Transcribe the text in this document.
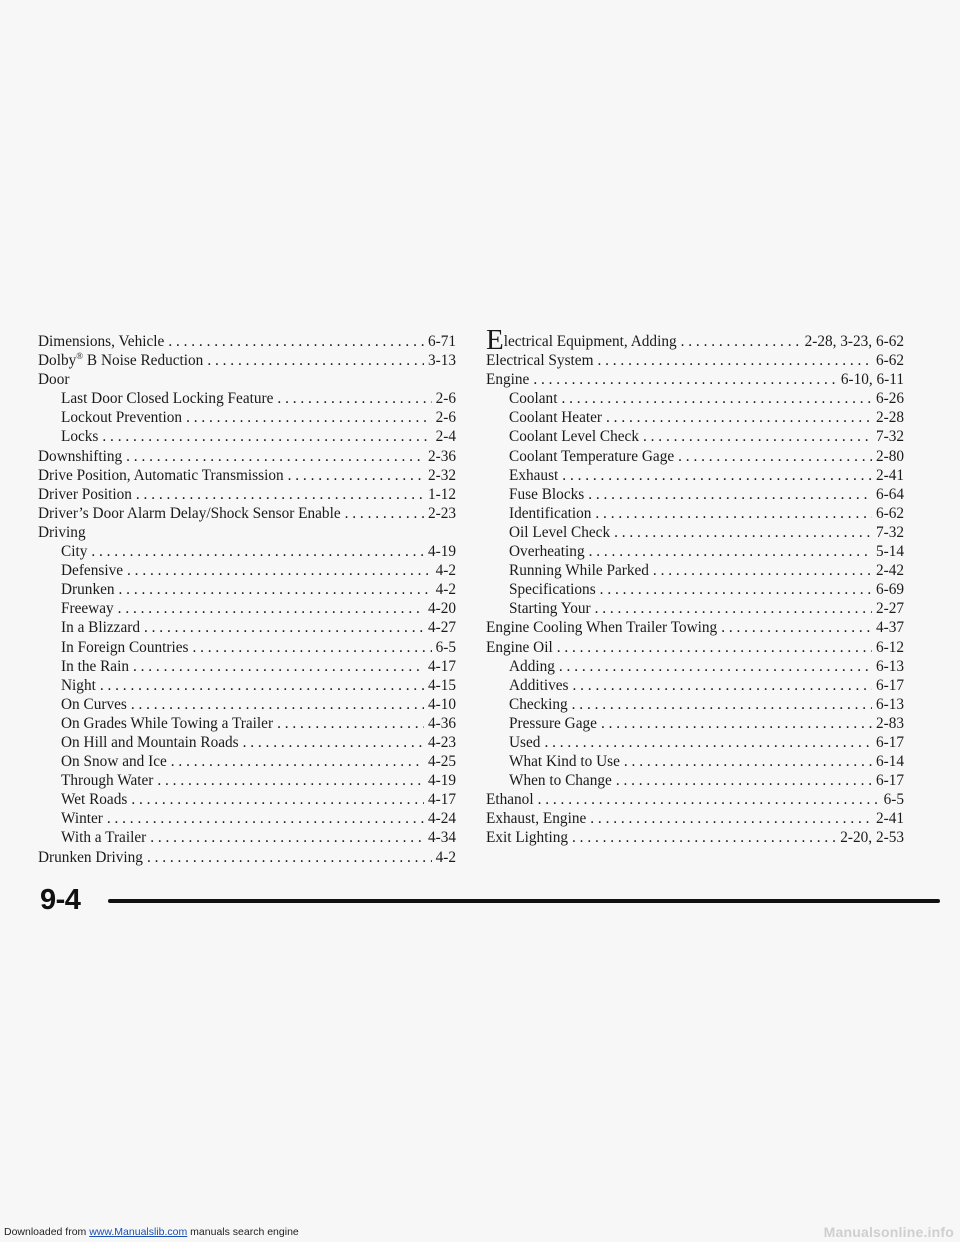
Dimensions, Vehicle . . .	6-71
Dolby® B Noise Reduction . . .	3-13
Door
Last Door Closed Locking Feature . . .	2-6
Lockout Prevention . . .	2-6
Locks . . .	2-4
Downshifting . . .	2-36
Drive Position, Automatic Transmission . . .	2-32
Driver Position . . .	1-12
Driver’s Door Alarm Delay/Shock Sensor Enable . . .	2-23
Driving
City . . .	4-19
Defensive . . .	4-2
Drunken . . .	4-2
Freeway . . .	4-20
In a Blizzard . . .	4-27
In Foreign Countries . . .	6-5
In the Rain . . .	4-17
Night . . .	4-15
On Curves . . .	4-10
On Grades While Towing a Trailer . . .	4-36
On Hill and Mountain Roads . . .	4-23
On Snow and Ice . . .	4-25
Through Water . . .	4-19
Wet Roads . . .	4-17
Winter . . .	4-24
With a Trailer . . .	4-34
Drunken Driving . . .	4-2
Electrical Equipment, Adding . . .	2-28, 3-23, 6-62
Electrical System . . .	6-62
Engine . . .	6-10, 6-11
Coolant . . .	6-26
Coolant Heater . . .	2-28
Coolant Level Check . . .	7-32
Coolant Temperature Gage . . .	2-80
Exhaust . . .	2-41
Fuse Blocks . . .	6-64
Identification . . .	6-62
Oil Level Check . . .	7-32
Overheating . . .	5-14
Running While Parked . . .	2-42
Specifications . . .	6-69
Starting Your . . .	2-27
Engine Cooling When Trailer Towing . . .	4-37
Engine Oil . . .	6-12
Adding . . .	6-13
Additives . . .	6-17
Checking . . .	6-13
Pressure Gage . . .	2-83
Used . . .	6-17
What Kind to Use . . .	6-14
When to Change . . .	6-17
Ethanol . . .	6-5
Exhaust, Engine . . .	2-41
Exit Lighting . . .	2-20, 2-53
9-4
Downloaded from www.Manualslib.com manuals search engine	Manualsonline.info
